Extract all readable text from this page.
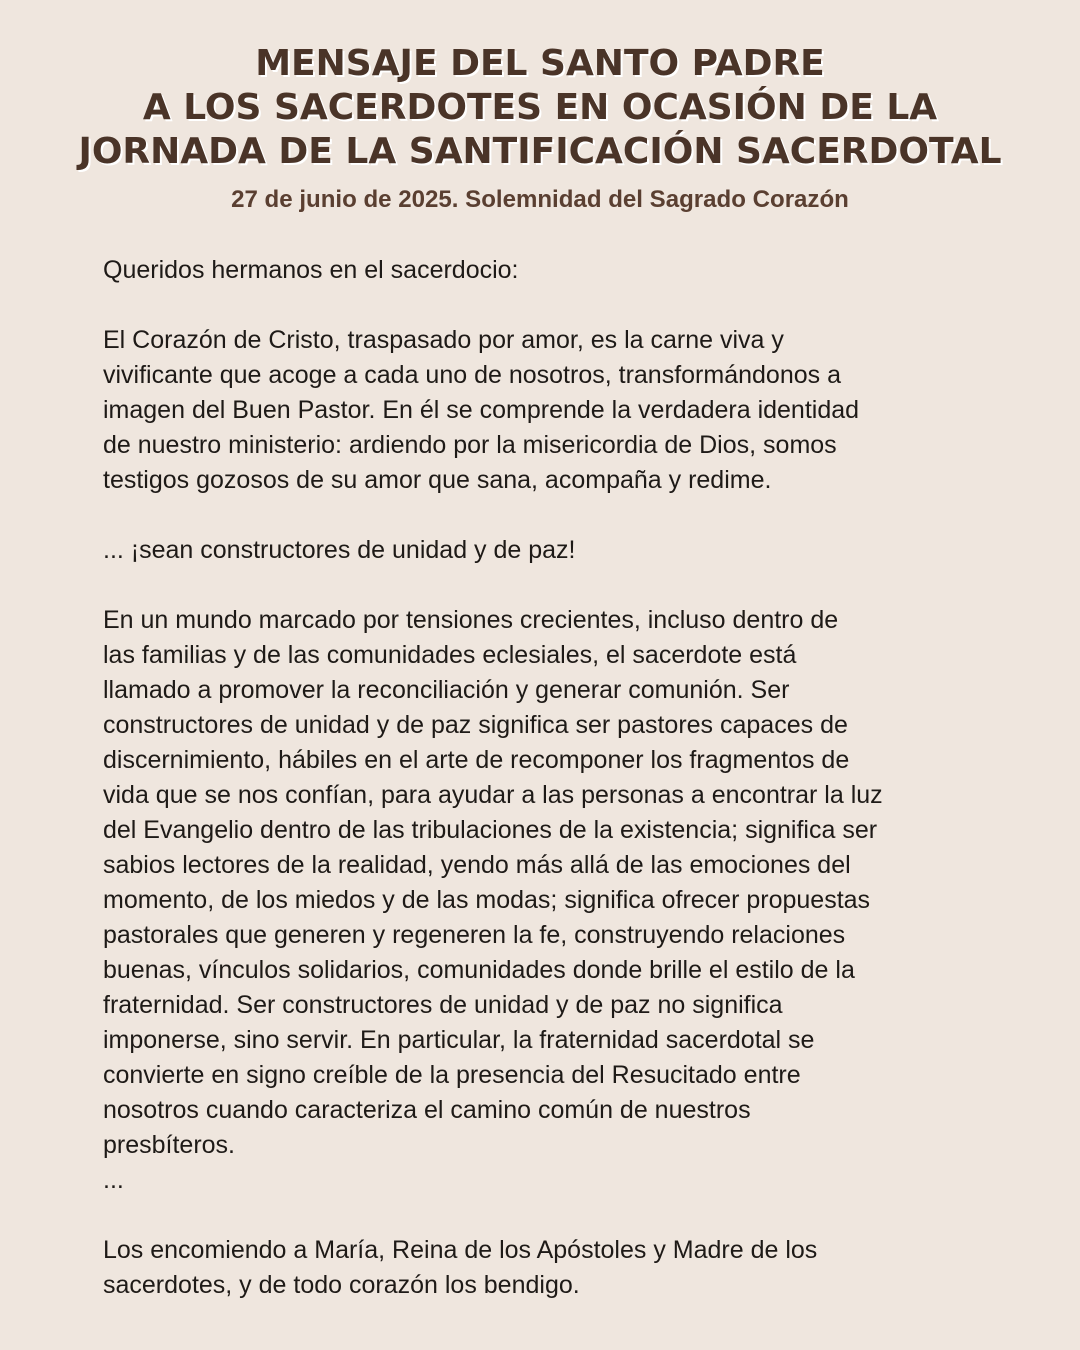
MENSAJE DEL SANTO PADRE
A LOS SACERDOTES EN OCASIÓN DE LA
JORNADA DE LA SANTIFICACIÓN SACERDOTAL
27 de junio de 2025. Solemnidad del Sagrado Corazón

Queridos hermanos en el sacerdocio:

El Corazón de Cristo, traspasado por amor, es la carne viva y
vivificante que acoge a cada uno de nosotros, transformándonos a
imagen del Buen Pastor. En él se comprende la verdadera identidad
de nuestro ministerio: ardiendo por la misericordia de Dios, somos
testigos gozosos de su amor que sana, acompaña y redime.

... ¡sean constructores de unidad y de paz!

En un mundo marcado por tensiones crecientes, incluso dentro de
las familias y de las comunidades eclesiales, el sacerdote está
llamado a promover la reconciliación y generar comunión. Ser
constructores de unidad y de paz significa ser pastores capaces de
discernimiento, hábiles en el arte de recomponer los fragmentos de
vida que se nos confían, para ayudar a las personas a encontrar la luz
del Evangelio dentro de las tribulaciones de la existencia; significa ser
sabios lectores de la realidad, yendo más allá de las emociones del
momento, de los miedos y de las modas; significa ofrecer propuestas
pastorales que generen y regeneren la fe, construyendo relaciones
buenas, vínculos solidarios, comunidades donde brille el estilo de la
fraternidad. Ser constructores de unidad y de paz no significa
imponerse, sino servir. En particular, la fraternidad sacerdotal se
convierte en signo creíble de la presencia del Resucitado entre
nosotros cuando caracteriza el camino común de nuestros
presbíteros.

...

Los encomiendo a María, Reina de los Apóstoles y Madre de los
sacerdotes, y de todo corazón los bendigo.
